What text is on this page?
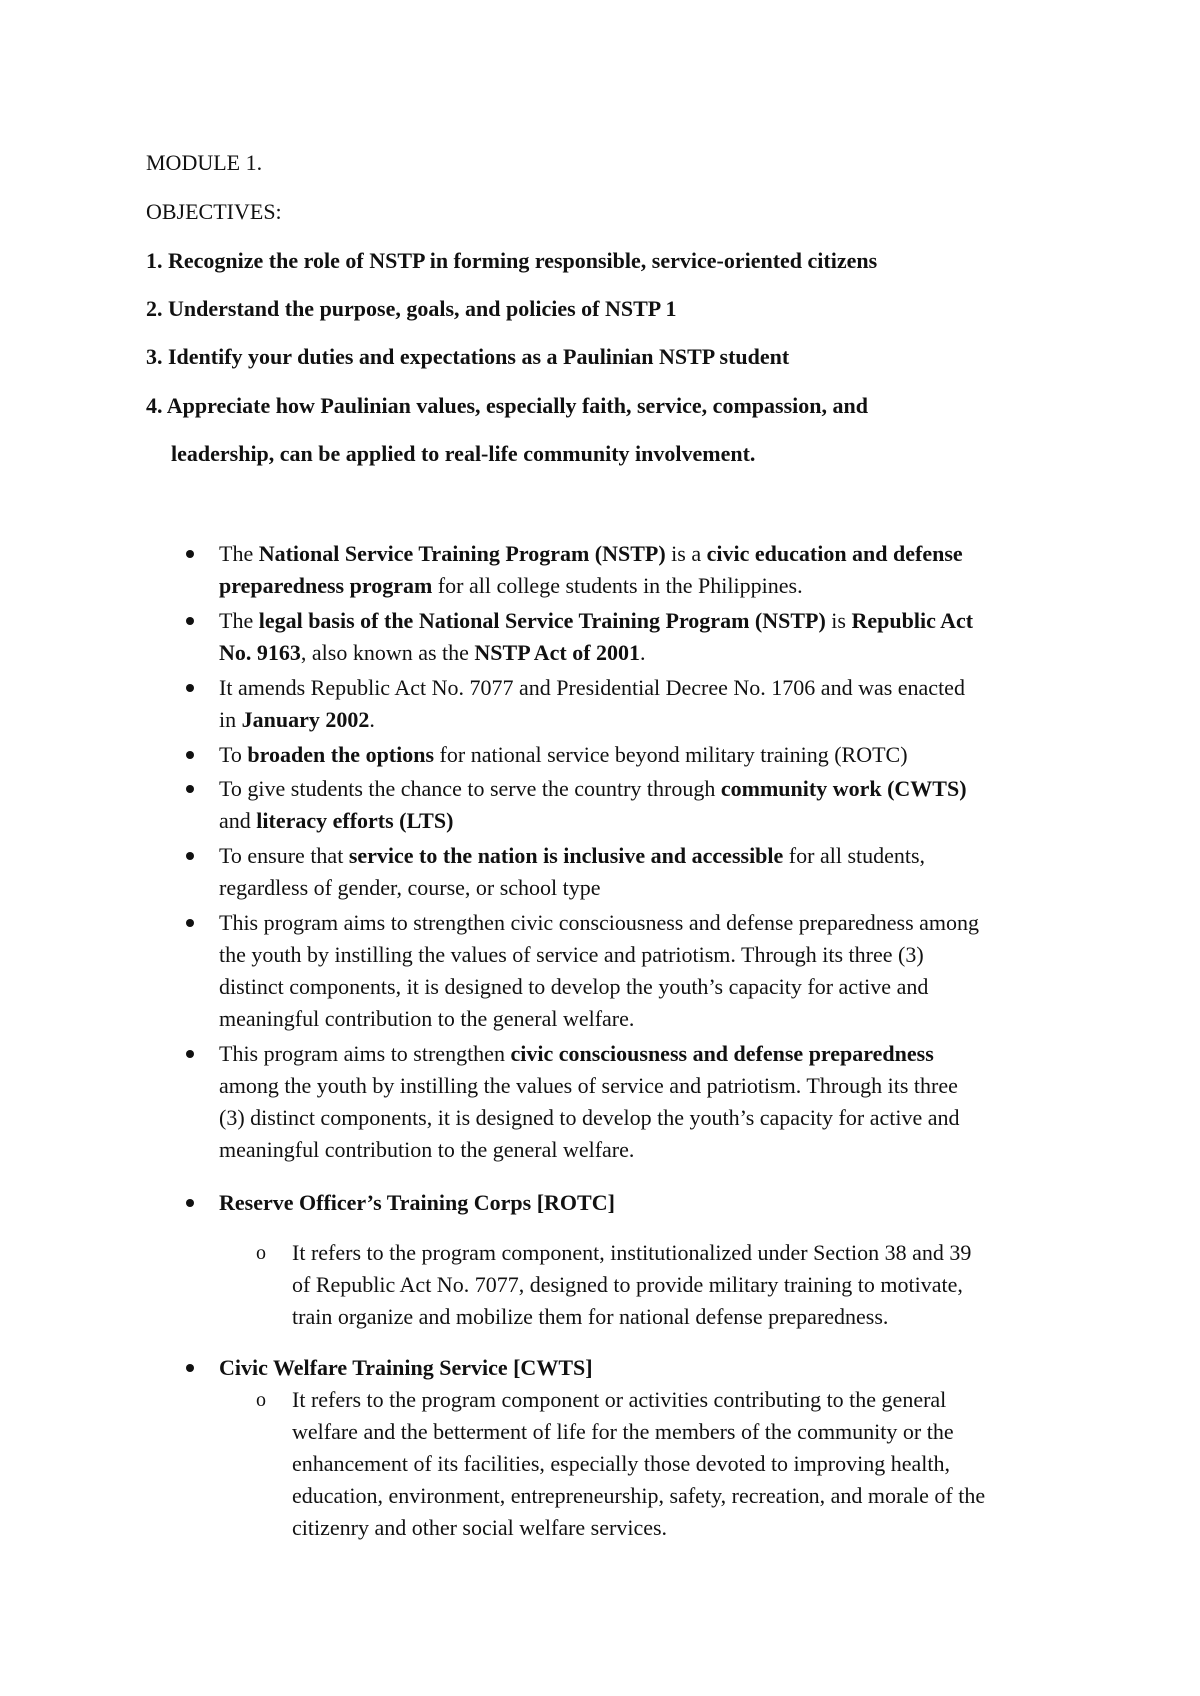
MODULE 1.
OBJECTIVES:
1. Recognize the role of NSTP in forming responsible, service-oriented citizens
2. Understand the purpose, goals, and policies of NSTP 1
3. Identify your duties and expectations as a Paulinian NSTP student
4. Appreciate how Paulinian values, especially faith, service, compassion, and
leadership, can be applied to real-life community involvement.
The National Service Training Program (NSTP) is a civic education and defense
preparedness program for all college students in the Philippines.
The legal basis of the National Service Training Program (NSTP) is Republic Act
No. 9163, also known as the NSTP Act of 2001.
It amends Republic Act No. 7077 and Presidential Decree No. 1706 and was enacted
in January 2002.
To broaden the options for national service beyond military training (ROTC)
To give students the chance to serve the country through community work (CWTS)
and literacy efforts (LTS)
To ensure that service to the nation is inclusive and accessible for all students,
regardless of gender, course, or school type
This program aims to strengthen civic consciousness and defense preparedness among
the youth by instilling the values of service and patriotism. Through its three (3)
distinct components, it is designed to develop the youth’s capacity for active and
meaningful contribution to the general welfare.
This program aims to strengthen civic consciousness and defense preparedness
among the youth by instilling the values of service and patriotism. Through its three
(3) distinct components, it is designed to develop the youth’s capacity for active and
meaningful contribution to the general welfare.
Reserve Officer’s Training Corps [ROTC]
o It refers to the program component, institutionalized under Section 38 and 39
of Republic Act No. 7077, designed to provide military training to motivate,
train organize and mobilize them for national defense preparedness.
Civic Welfare Training Service [CWTS]
o It refers to the program component or activities contributing to the general
welfare and the betterment of life for the members of the community or the
enhancement of its facilities, especially those devoted to improving health,
education, environment, entrepreneurship, safety, recreation, and morale of the
citizenry and other social welfare services.
